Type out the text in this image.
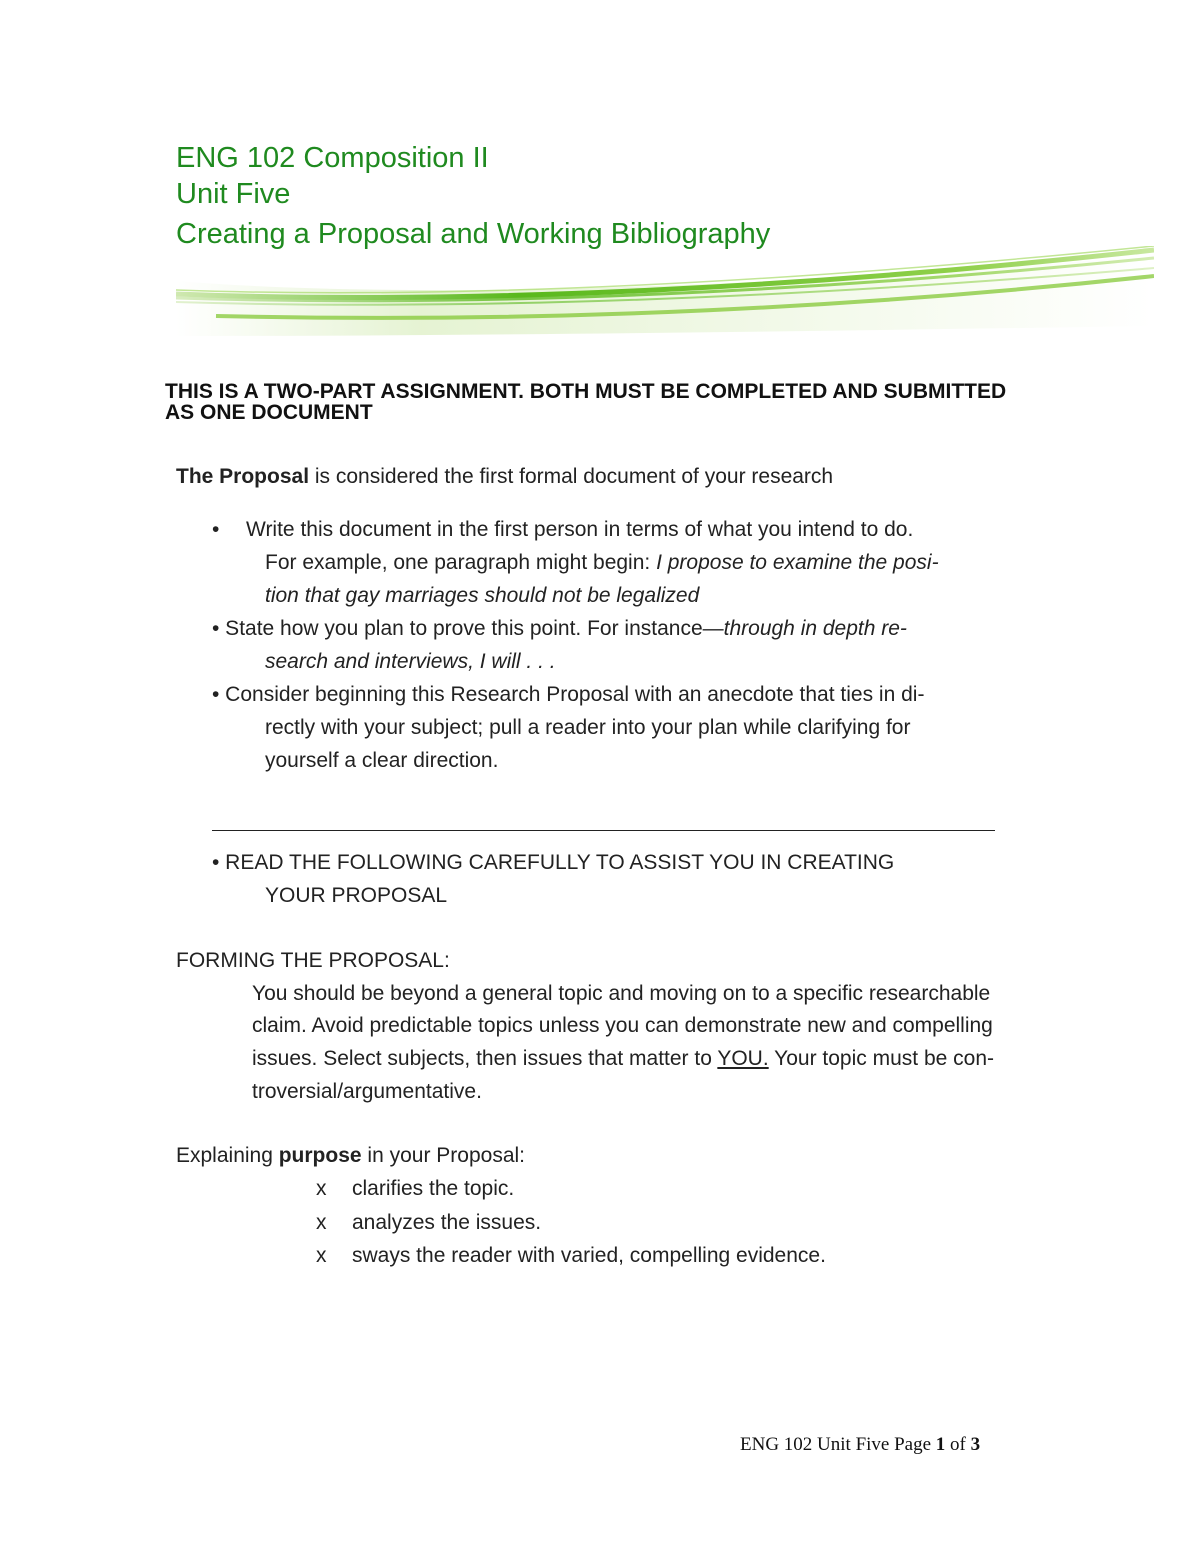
ENG 102 Composition II
Unit Five
Creating a Proposal and Working Bibliography
THIS IS A TWO-PART ASSIGNMENT. BOTH MUST BE COMPLETED AND SUBMITTED
AS ONE DOCUMENT
The Proposal is considered the first formal document of your research
• Write this document in the first person in terms of what you intend to do.
For example, one paragraph might begin: I propose to examine the posi-
tion that gay marriages should not be legalized
• State how you plan to prove this point. For instance—through in depth re-
search and interviews, I will . . .
• Consider beginning this Research Proposal with an anecdote that ties in di-
rectly with your subject; pull a reader into your plan while clarifying for
yourself a clear direction.
• READ THE FOLLOWING CAREFULLY TO ASSIST YOU IN CREATING
YOUR PROPOSAL
FORMING THE PROPOSAL:
You should be beyond a general topic and moving on to a specific researchable
claim. Avoid predictable topics unless you can demonstrate new and compelling
issues. Select subjects, then issues that matter to YOU. Your topic must be con-
troversial/argumentative.
Explaining purpose in your Proposal:
x clarifies the topic.
x analyzes the issues.
x sways the reader with varied, compelling evidence.
ENG 102 Unit Five Page 1 of 3
